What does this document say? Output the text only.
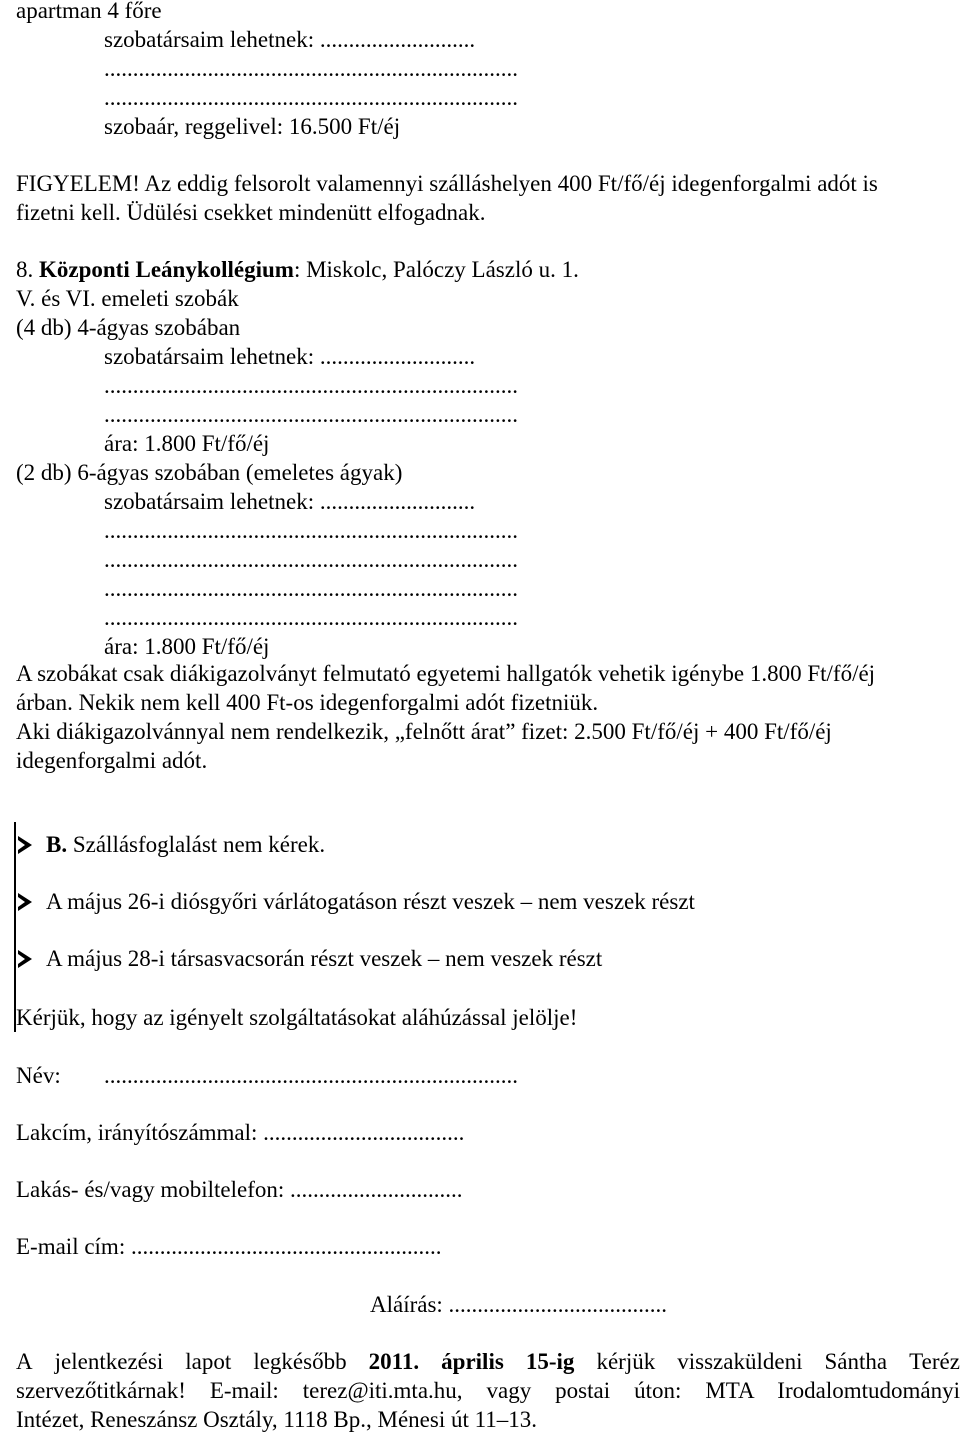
apartman 4 főre
szobatársaim lehetnek: ...........................
........................................................................
........................................................................
szobaár, reggelivel: 16.500 Ft/éj
FIGYELEM! Az eddig felsorolt valamennyi szálláshelyen 400 Ft/fő/éj idegenforgalmi adót is
fizetni kell. Üdülési csekket mindenütt elfogadnak.
8. Központi Leánykollégium: Miskolc, Palóczy László u. 1.
V. és VI. emeleti szobák
(4 db) 4-ágyas szobában
szobatársaim lehetnek: ...........................
........................................................................
........................................................................
ára: 1.800 Ft/fő/éj
(2 db) 6-ágyas szobában (emeletes ágyak)
szobatársaim lehetnek: ...........................
........................................................................
........................................................................
........................................................................
........................................................................
ára: 1.800 Ft/fő/éj
A szobákat csak diákigazolványt felmutató egyetemi hallgatók vehetik igénybe 1.800 Ft/fő/éj
árban. Nekik nem kell 400 Ft-os idegenforgalmi adót fizetniük.
Aki diákigazolvánnyal nem rendelkezik, „felnőtt árat” fizet: 2.500 Ft/fő/éj + 400 Ft/fő/éj
idegenforgalmi adót.
B. Szállásfoglalást nem kérek.
A május 26-i diósgyőri várlátogatáson részt veszek – nem veszek részt
A május 28-i társasvacsorán részt veszek – nem veszek részt
Kérjük, hogy az igényelt szolgáltatásokat aláhúzással jelölje!
Név: ........................................................................
Lakcím, irányítószámmal: ...................................
Lakás- és/vagy mobiltelefon: ..............................
E-mail cím: ......................................................
Aláírás: ......................................
A jelentkezési lapot legkésőbb 2011. április 15-ig kérjük visszaküldeni Sántha Teréz
szervezőtitkárnak! E-mail: terez@iti.mta.hu, vagy postai úton: MTA Irodalomtudományi
Intézet, Reneszánsz Osztály, 1118 Bp., Ménesi út 11–13.
